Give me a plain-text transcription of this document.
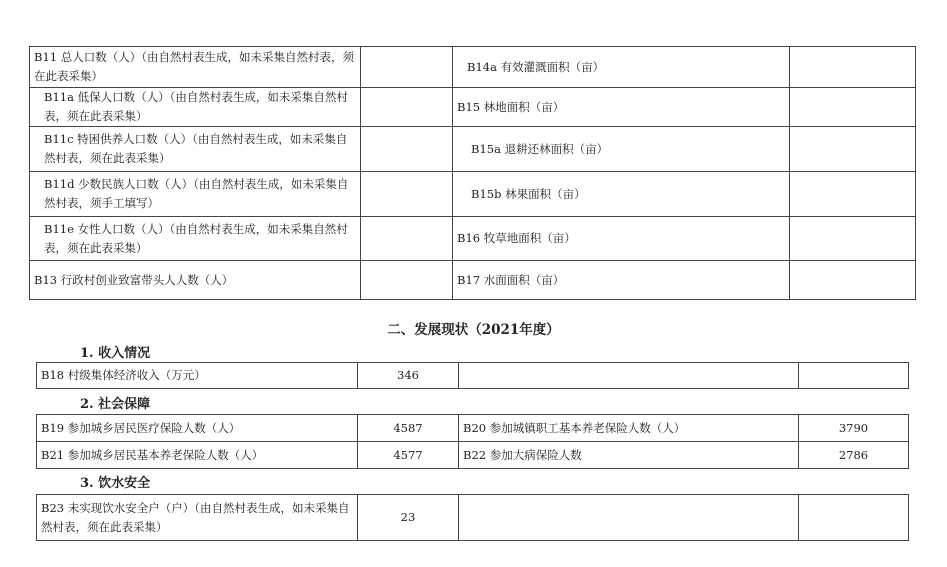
B11 总人口数（人）（由自然村表生成，如未采集自然村表，须在此表采集）		B14a 有效灌溉面积（亩）	
B11a 低保人口数（人）（由自然村表生成，如未采集自然村表，须在此表采集）		B15 林地面积（亩）	
B11c 特困供养人口数（人）（由自然村表生成，如未采集自然村表，须在此表采集）		B15a 退耕还林面积（亩）	
B11d 少数民族人口数（人）（由自然村表生成，如未采集自然村表，须手工填写）		B15b 林果面积（亩）	
B11e 女性人口数（人）（由自然村表生成，如未采集自然村表，须在此表采集）		B16 牧草地面积（亩）	
B13 行政村创业致富带头人人数（人）		B17 水面面积（亩）	
二、发展现状（2021年度）
1. 收入情况
B18 村级集体经济收入（万元）	346		
2. 社会保障
B19 参加城乡居民医疗保险人数（人）	4587	B20 参加城镇职工基本养老保险人数（人）	3790
B21 参加城乡居民基本养老保险人数（人）	4577	B22 参加大病保险人数	2786
3. 饮水安全
B23 未实现饮水安全户（户）（由自然村表生成，如未采集自然村表，须在此表采集）	23		
